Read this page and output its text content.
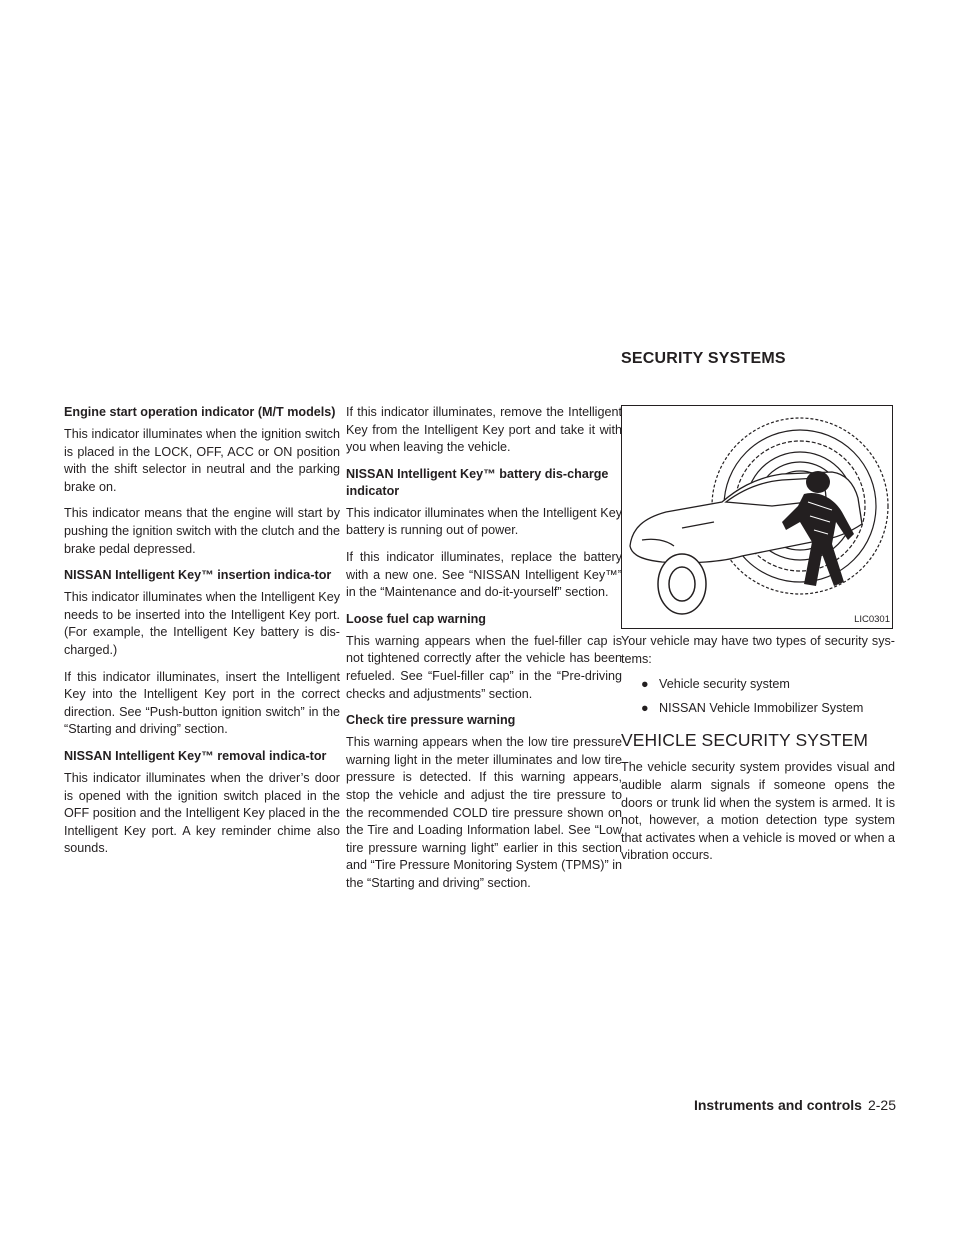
SECURITY SYSTEMS
Engine start operation indicator (M/T models)

This indicator illuminates when the ignition switch is placed in the LOCK, OFF, ACC or ON position with the shift selector in neutral and the parking brake on.

This indicator means that the engine will start by pushing the ignition switch with the clutch and the brake pedal depressed.

NISSAN Intelligent Key™ insertion indica-tor

This indicator illuminates when the Intelligent Key needs to be inserted into the Intelligent Key port. (For example, the Intelligent Key battery is dis-charged.)

If this indicator illuminates, insert the Intelligent Key into the Intelligent Key port in the correct direction. See “Push-button ignition switch” in the “Starting and driving” section.

NISSAN Intelligent Key™ removal indica-tor

This indicator illuminates when the driver’s door is opened with the ignition switch placed in the OFF position and the Intelligent Key placed in the Intelligent Key port. A key reminder chime also sounds.

If this indicator illuminates, remove the Intelligent Key from the Intelligent Key port and take it with you when leaving the vehicle.

NISSAN Intelligent Key™ battery dis-charge indicator

This indicator illuminates when the Intelligent Key battery is running out of power.

If this indicator illuminates, replace the battery with a new one. See “NISSAN Intelligent Key™” in the “Maintenance and do-it-yourself” section.

Loose fuel cap warning

This warning appears when the fuel-filler cap is not tightened correctly after the vehicle has been refueled. See “Fuel-filler cap” in the “Pre-driving checks and adjustments” section.

Check tire pressure warning

This warning appears when the low tire pressure warning light in the meter illuminates and low tire pressure is detected. If this warning appears, stop the vehicle and adjust the tire pressure to the recommended COLD tire pressure shown on the Tire and Loading Information label. See “Low tire pressure warning light” earlier in this section and “Tire Pressure Monitoring System (TPMS)” in the “Starting and driving” section.

LIC0301

Your vehicle may have two types of security sys-tems:

● Vehicle security system
● NISSAN Vehicle Immobilizer System
VEHICLE SECURITY SYSTEM

The vehicle security system provides visual and audible alarm signals if someone opens the doors or trunk lid when the system is armed. It is not, however, a motion detection type system that activates when a vehicle is moved or when a vibration occurs.

Instruments and controls 2-25
